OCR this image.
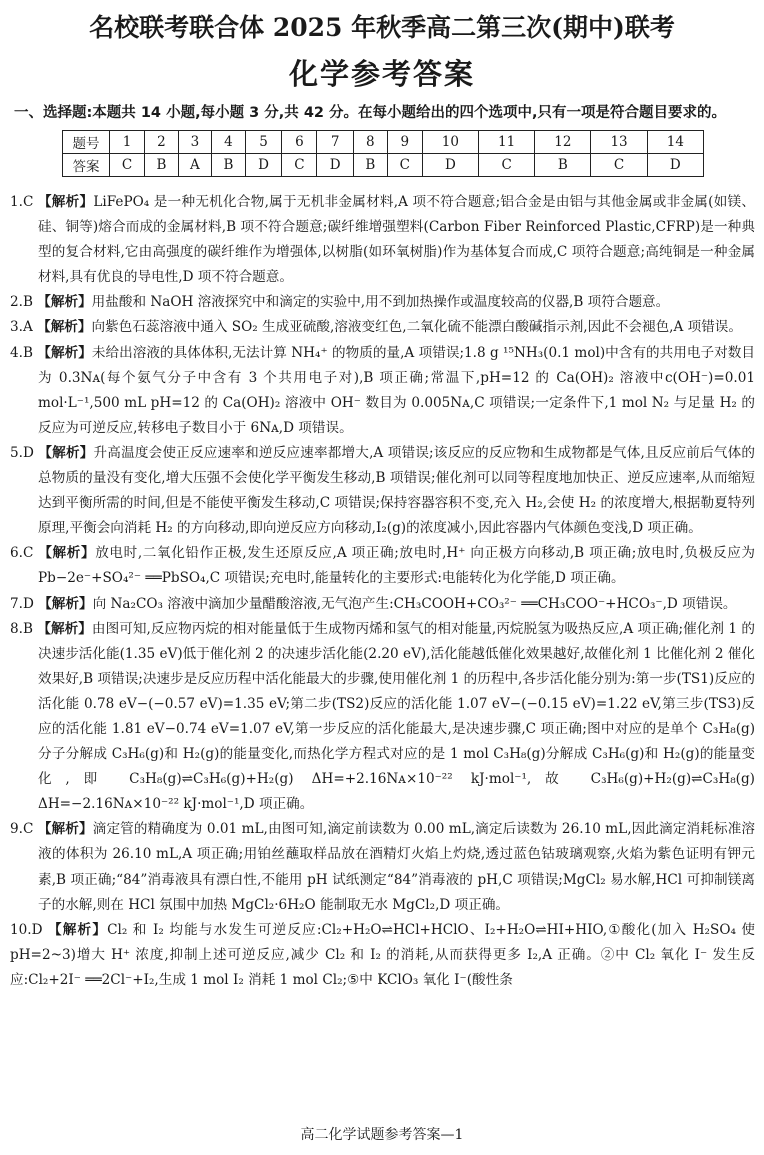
名校联考联合体 2025 年秋季高二第三次(期中)联考
化学参考答案
一、选择题:本题共 14 小题,每小题 3 分,共 42 分。在每小题给出的四个选项中,只有一项是符合题目要求的。
题号	1	2	3	4	5	6	7	8	9	10	11	12	13	14
答案	C	B	A	B	D	C	D	B	C	D	C	B	C	D

1.C 【解析】LiFePO₄ 是一种无机化合物,属于无机非金属材料,A 项不符合题意;铝合金是由铝与其他金属或非金属(如镁、硅、铜等)熔合而成的金属材料,B 项不符合题意;碳纤维增强塑料(Carbon Fiber Reinforced Plastic,CFRP)是一种典型的复合材料,它由高强度的碳纤维作为增强体,以树脂(如环氧树脂)作为基体复合而成,C 项符合题意;高纯铜是一种金属材料,具有优良的导电性,D 项不符合题意。

2.B 【解析】用盐酸和 NaOH 溶液探究中和滴定的实验中,用不到加热操作或温度较高的仪器,B 项符合题意。

3.A 【解析】向紫色石蕊溶液中通入 SO₂ 生成亚硫酸,溶液变红色,二氧化硫不能漂白酸碱指示剂,因此不会褪色,A 项错误。

4.B 【解析】未给出溶液的具体体积,无法计算 NH₄⁺ 的物质的量,A 项错误;1.8 g ¹⁵NH₃(0.1 mol)中含有的共用电子对数目为 0.3Nᴀ(每个氨气分子中含有 3 个共用电子对),B 项正确;常温下,pH=12 的 Ca(OH)₂ 溶液中c(OH⁻)=0.01 mol·L⁻¹,500 mL pH=12 的 Ca(OH)₂ 溶液中 OH⁻ 数目为 0.005Nᴀ,C 项错误;一定条件下,1 mol N₂ 与足量 H₂ 的反应为可逆反应,转移电子数目小于 6Nᴀ,D 项错误。

5.D 【解析】升高温度会使正反应速率和逆反应速率都增大,A 项错误;该反应的反应物和生成物都是气体,且反应前后气体的总物质的量没有变化,增大压强不会使化学平衡发生移动,B 项错误;催化剂可以同等程度地加快正、逆反应速率,从而缩短达到平衡所需的时间,但是不能使平衡发生移动,C 项错误;保持容器容积不变,充入 H₂,会使 H₂ 的浓度增大,根据勒夏特列原理,平衡会向消耗 H₂ 的方向移动,即向逆反应方向移动,I₂(g)的浓度减小,因此容器内气体颜色变浅,D 项正确。

6.C 【解析】放电时,二氧化铅作正极,发生还原反应,A 项正确;放电时,H⁺ 向正极方向移动,B 项正确;放电时,负极反应为 Pb−2e⁻+SO₄²⁻ ══PbSO₄,C 项错误;充电时,能量转化的主要形式:电能转化为化学能,D 项正确。

7.D 【解析】向 Na₂CO₃ 溶液中滴加少量醋酸溶液,无气泡产生:CH₃COOH+CO₃²⁻ ══CH₃COO⁻+HCO₃⁻,D 项错误。

8.B 【解析】由图可知,反应物丙烷的相对能量低于生成物丙烯和氢气的相对能量,丙烷脱氢为吸热反应,A 项正确;催化剂 1 的决速步活化能(1.35 eV)低于催化剂 2 的决速步活化能(2.20 eV),活化能越低催化效果越好,故催化剂 1 比催化剂 2 催化效果好,B 项错误;决速步是反应历程中活化能最大的步骤,使用催化剂 1 的历程中,各步活化能分别为:第一步(TS1)反应的活化能 0.78 eV−(−0.57 eV)=1.35 eV;第二步(TS2)反应的活化能 1.07 eV−(−0.15 eV)=1.22 eV,第三步(TS3)反应的活化能 1.81 eV−0.74 eV=1.07 eV,第一步反应的活化能最大,是决速步骤,C 项正确;图中对应的是单个 C₃H₈(g)分子分解成 C₃H₆(g)和 H₂(g)的能量变化,而热化学方程式对应的是 1 mol C₃H₈(g)分解成 C₃H₆(g)和 H₂(g)的能量变化,即 C₃H₈(g)⇌C₃H₆(g)+H₂(g) ΔH=+2.16Nᴀ×10⁻²² kJ·mol⁻¹,故 C₃H₆(g)+H₂(g)⇌C₃H₈(g) ΔH=−2.16Nᴀ×10⁻²² kJ·mol⁻¹,D 项正确。

9.C 【解析】滴定管的精确度为 0.01 mL,由图可知,滴定前读数为 0.00 mL,滴定后读数为 26.10 mL,因此滴定消耗标准溶液的体积为 26.10 mL,A 项正确;用铂丝蘸取样品放在酒精灯火焰上灼烧,透过蓝色钴玻璃观察,火焰为紫色证明有钾元素,B 项正确;“84”消毒液具有漂白性,不能用 pH 试纸测定“84”消毒液的 pH,C 项错误;MgCl₂ 易水解,HCl 可抑制镁离子的水解,则在 HCl 氛围中加热 MgCl₂·6H₂O 能制取无水 MgCl₂,D 项正确。

10.D 【解析】Cl₂ 和 I₂ 均能与水发生可逆反应:Cl₂+H₂O⇌HCl+HClO、I₂+H₂O⇌HI+HIO,①酸化(加入 H₂SO₄ 使 pH=2~3)增大 H⁺ 浓度,抑制上述可逆反应,减少 Cl₂ 和 I₂ 的消耗,从而获得更多 I₂,A 正确。②中 Cl₂ 氧化 I⁻ 发生反应:Cl₂+2I⁻ ══2Cl⁻+I₂,生成 1 mol I₂ 消耗 1 mol Cl₂;⑤中 KClO₃ 氧化 I⁻(酸性条

高二化学试题参考答案—1
